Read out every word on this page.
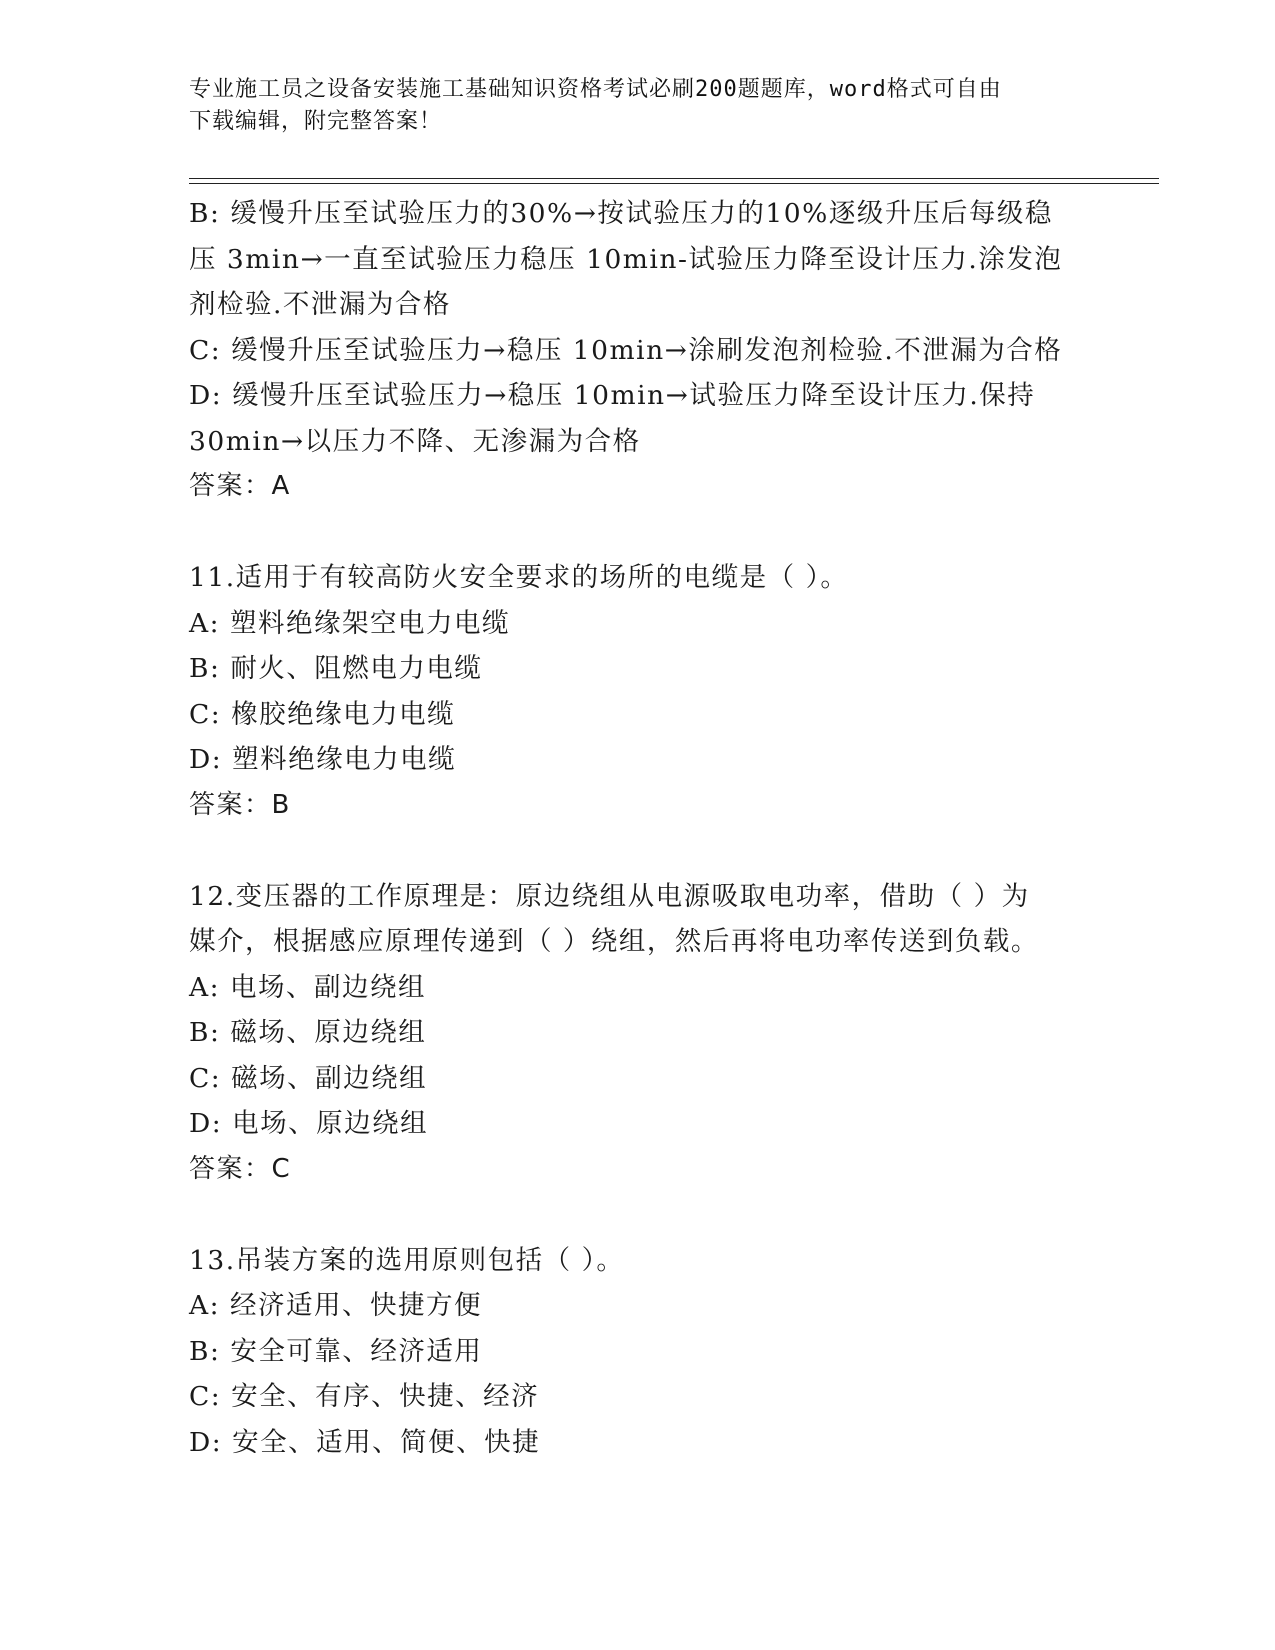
专业施工员之设备安装施工基础知识资格考试必刷200题题库，word格式可自由
下载编辑，附完整答案！
B: 缓慢升压至试验压力的30%→按试验压力的10%逐级升压后每级稳
压 3min→一直至试验压力稳压 10min-试验压力降至设计压力.涂发泡
剂检验.不泄漏为合格
C: 缓慢升压至试验压力→稳压 10min→涂刷发泡剂检验.不泄漏为合格
D: 缓慢升压至试验压力→稳压 10min→试验压力降至设计压力.保持
30min→以压力不降、无渗漏为合格
答案：A
11.适用于有较高防火安全要求的场所的电缆是（ ）。
A: 塑料绝缘架空电力电缆
B: 耐火、阻燃电力电缆
C: 橡胶绝缘电力电缆
D: 塑料绝缘电力电缆
答案：B
12.变压器的工作原理是：原边绕组从电源吸取电功率，借助（ ）为
媒介，根据感应原理传递到（ ）绕组，然后再将电功率传送到负载。
A: 电场、副边绕组
B: 磁场、原边绕组
C: 磁场、副边绕组
D: 电场、原边绕组
答案：C
13.吊装方案的选用原则包括（ ）。
A: 经济适用、快捷方便
B: 安全可靠、经济适用
C: 安全、有序、快捷、经济
D: 安全、适用、简便、快捷
